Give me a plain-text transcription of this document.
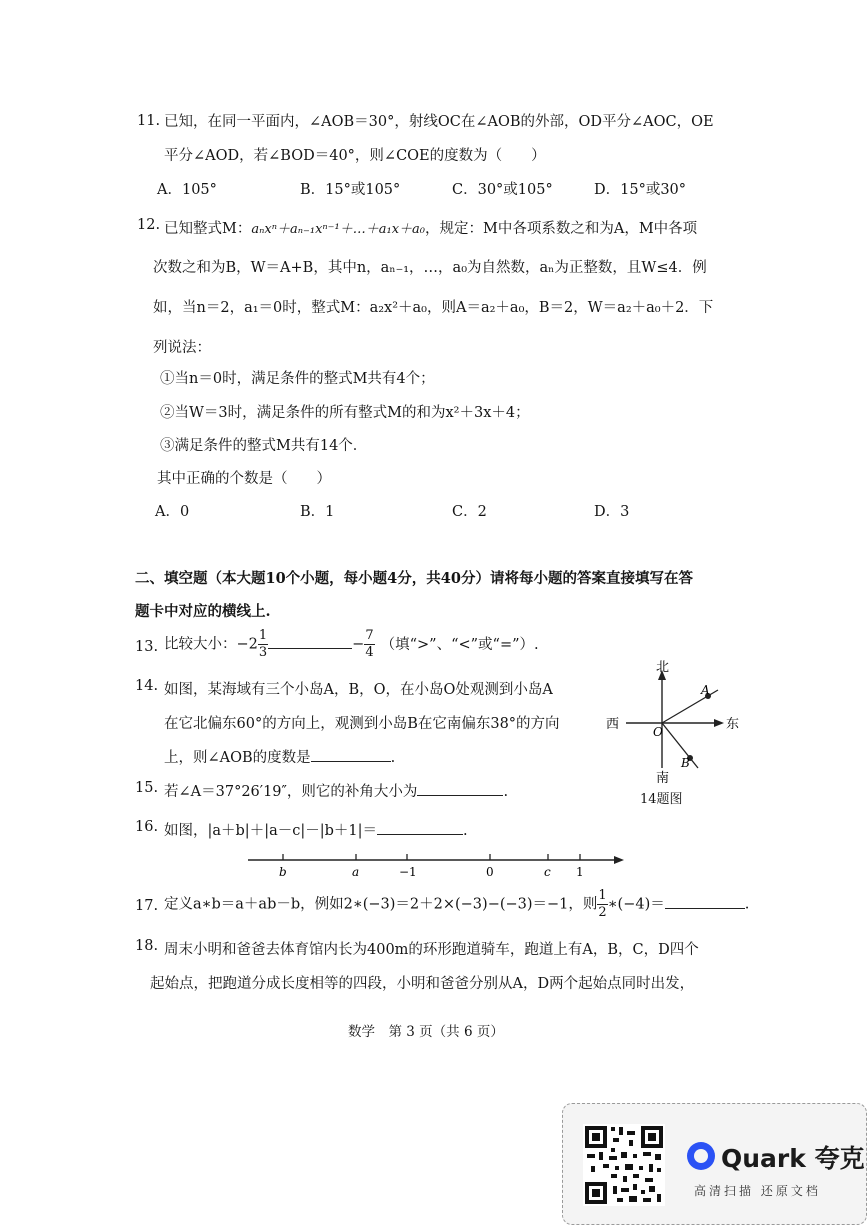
11. 已知，在同一平面内，∠AOB＝30°，射线OC在∠AOB的外部，OD平分∠AOC，OE
平分∠AOD，若∠BOD＝40°，则∠COE的度数为（　　）
A．105°	B．15°或105°	C．30°或105°	D．15°或30°
12. 已知整式M：aₙxⁿ＋aₙ₋₁xⁿ⁻¹＋…＋a₁x＋a₀，规定：M中各项系数之和为A，M中各项
次数之和为B，W＝A+B，其中n，aₙ₋₁，…，a₀为自然数，aₙ为正整数，且W≤4．例
如，当n＝2，a₁＝0时，整式M：a₂x²＋a₀，则A＝a₂＋a₀，B＝2，W＝a₂＋a₀＋2．下
列说法：
①当n＝0时，满足条件的整式M共有4个；
②当W＝3时，满足条件的所有整式M的和为x²＋3x＋4；
③满足条件的整式M共有14个．
其中正确的个数是（　　）
A．0	B．1	C．2	D．3
二、填空题（本大题10个小题，每小题4分，共40分）请将每小题的答案直接填写在答
题卡中对应的横线上.
13. 比较大小：$-2 \frac{1}{3}$	− $\frac{7}{4}$ （填“>”、“<”或“=”）.
14. 如图，某海域有三个小岛A，B，O，在小岛O处观测到小岛A
在它北偏东60°的方向上，观测到小岛B在它南偏东38°的方向
上，则∠AOB的度数是	.
北
南
东
西	O
A
B
14题图
15. 若∠A＝37°26′19″，则它的补角大小为	.
16. 如图，|a＋b|＋|a－c|－|b＋1|＝	.
b	a	−1	0	c 1
17. 定义a∗b＝a＋ab－b，例如2∗(−3)＝2＋2×(−3)−(−3)＝−1，则 $\frac{1}{2}$ ∗(−4)＝	.
18. 周末小明和爸爸去体育馆内长为400m的环形跑道骑车，跑道上有A，B，C，D四个
起始点，把跑道分成长度相等的四段，小明和爸爸分别从A，D两个起始点同时出发，
数学　第 3 页（共 6 页）
Quark 夸克
高清扫描 还原文档
